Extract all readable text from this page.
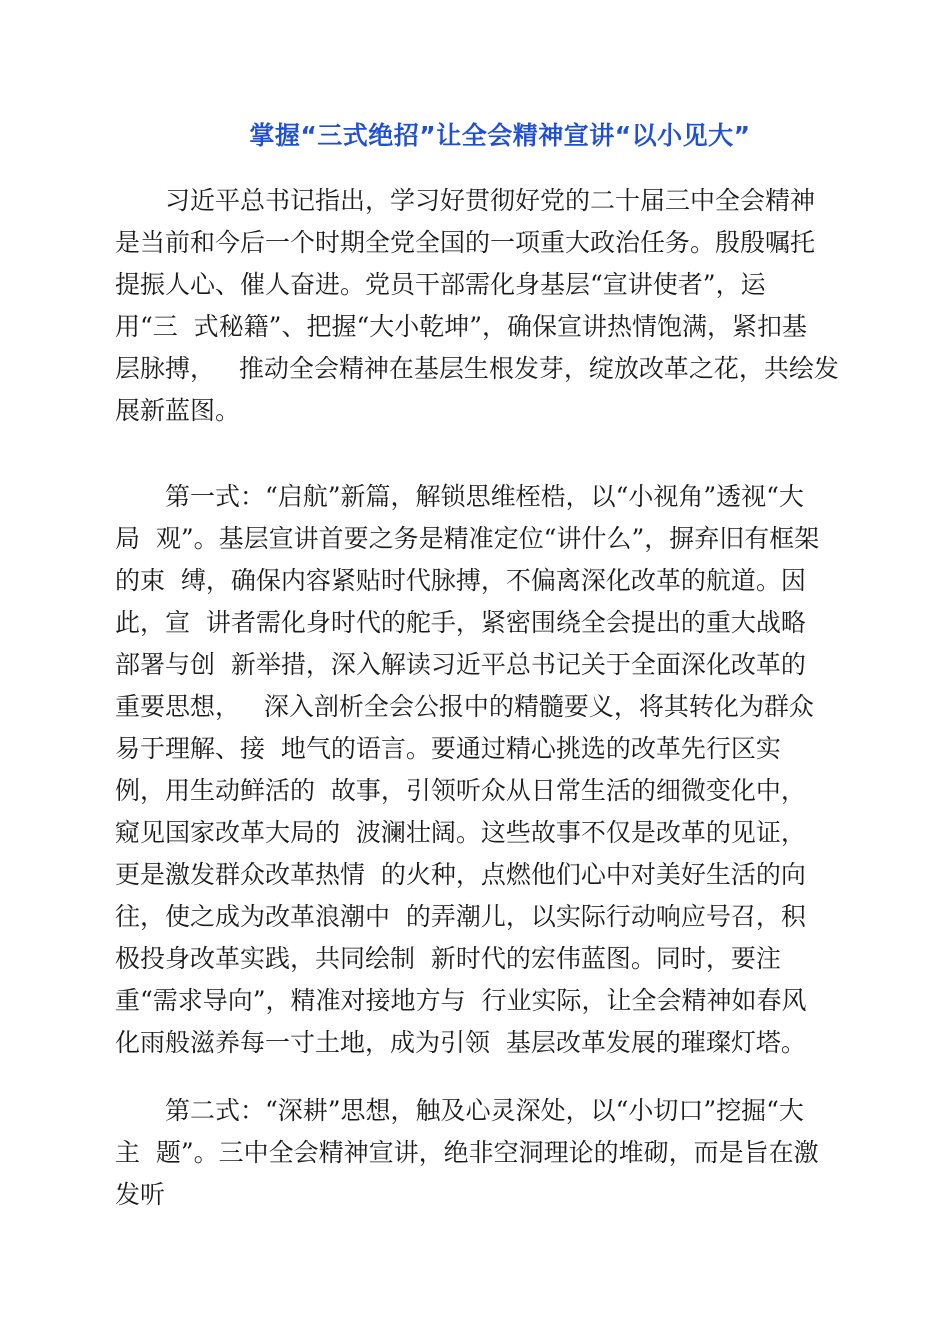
掌握“三式绝招”让全会精神宣讲“以小见大”
习近平总书记指出，学习好贯彻好党的二十届三中全会精神
是当前和今后一个时期全党全国的一项重大政治任务。殷殷嘱托
提振人心、催人奋进。党员干部需化身基层“宣讲使者”，运
用“三  式秘籍”、把握“大小乾坤”，确保宣讲热情饱满，紧扣基
层脉搏，   推动全会精神在基层生根发芽，绽放改革之花，共绘发
展新蓝图。
第一式：“启航”新篇，解锁思维桎梏，以“小视角”透视“大
局  观”。基层宣讲首要之务是精准定位“讲什么”，摒弃旧有框架
的束  缚，确保内容紧贴时代脉搏，不偏离深化改革的航道。因
此，宣  讲者需化身时代的舵手，紧密围绕全会提出的重大战略
部署与创  新举措，深入解读习近平总书记关于全面深化改革的
重要思想，   深入剖析全会公报中的精髓要义，将其转化为群众
易于理解、接  地气的语言。要通过精心挑选的改革先行区实
例，用生动鲜活的  故事，引领听众从日常生活的细微变化中，
窥见国家改革大局的  波澜壮阔。这些故事不仅是改革的见证，
更是激发群众改革热情  的火种，点燃他们心中对美好生活的向
往，使之成为改革浪潮中  的弄潮儿，以实际行动响应号召，积
极投身改革实践，共同绘制  新时代的宏伟蓝图。同时，要注
重“需求导向”，精准对接地方与  行业实际，让全会精神如春风
化雨般滋养每一寸土地，成为引领  基层改革发展的璀璨灯塔。
第二式：“深耕”思想，触及心灵深处，以“小切口”挖掘“大
主  题”。三中全会精神宣讲，绝非空洞理论的堆砌，而是旨在激
发听
